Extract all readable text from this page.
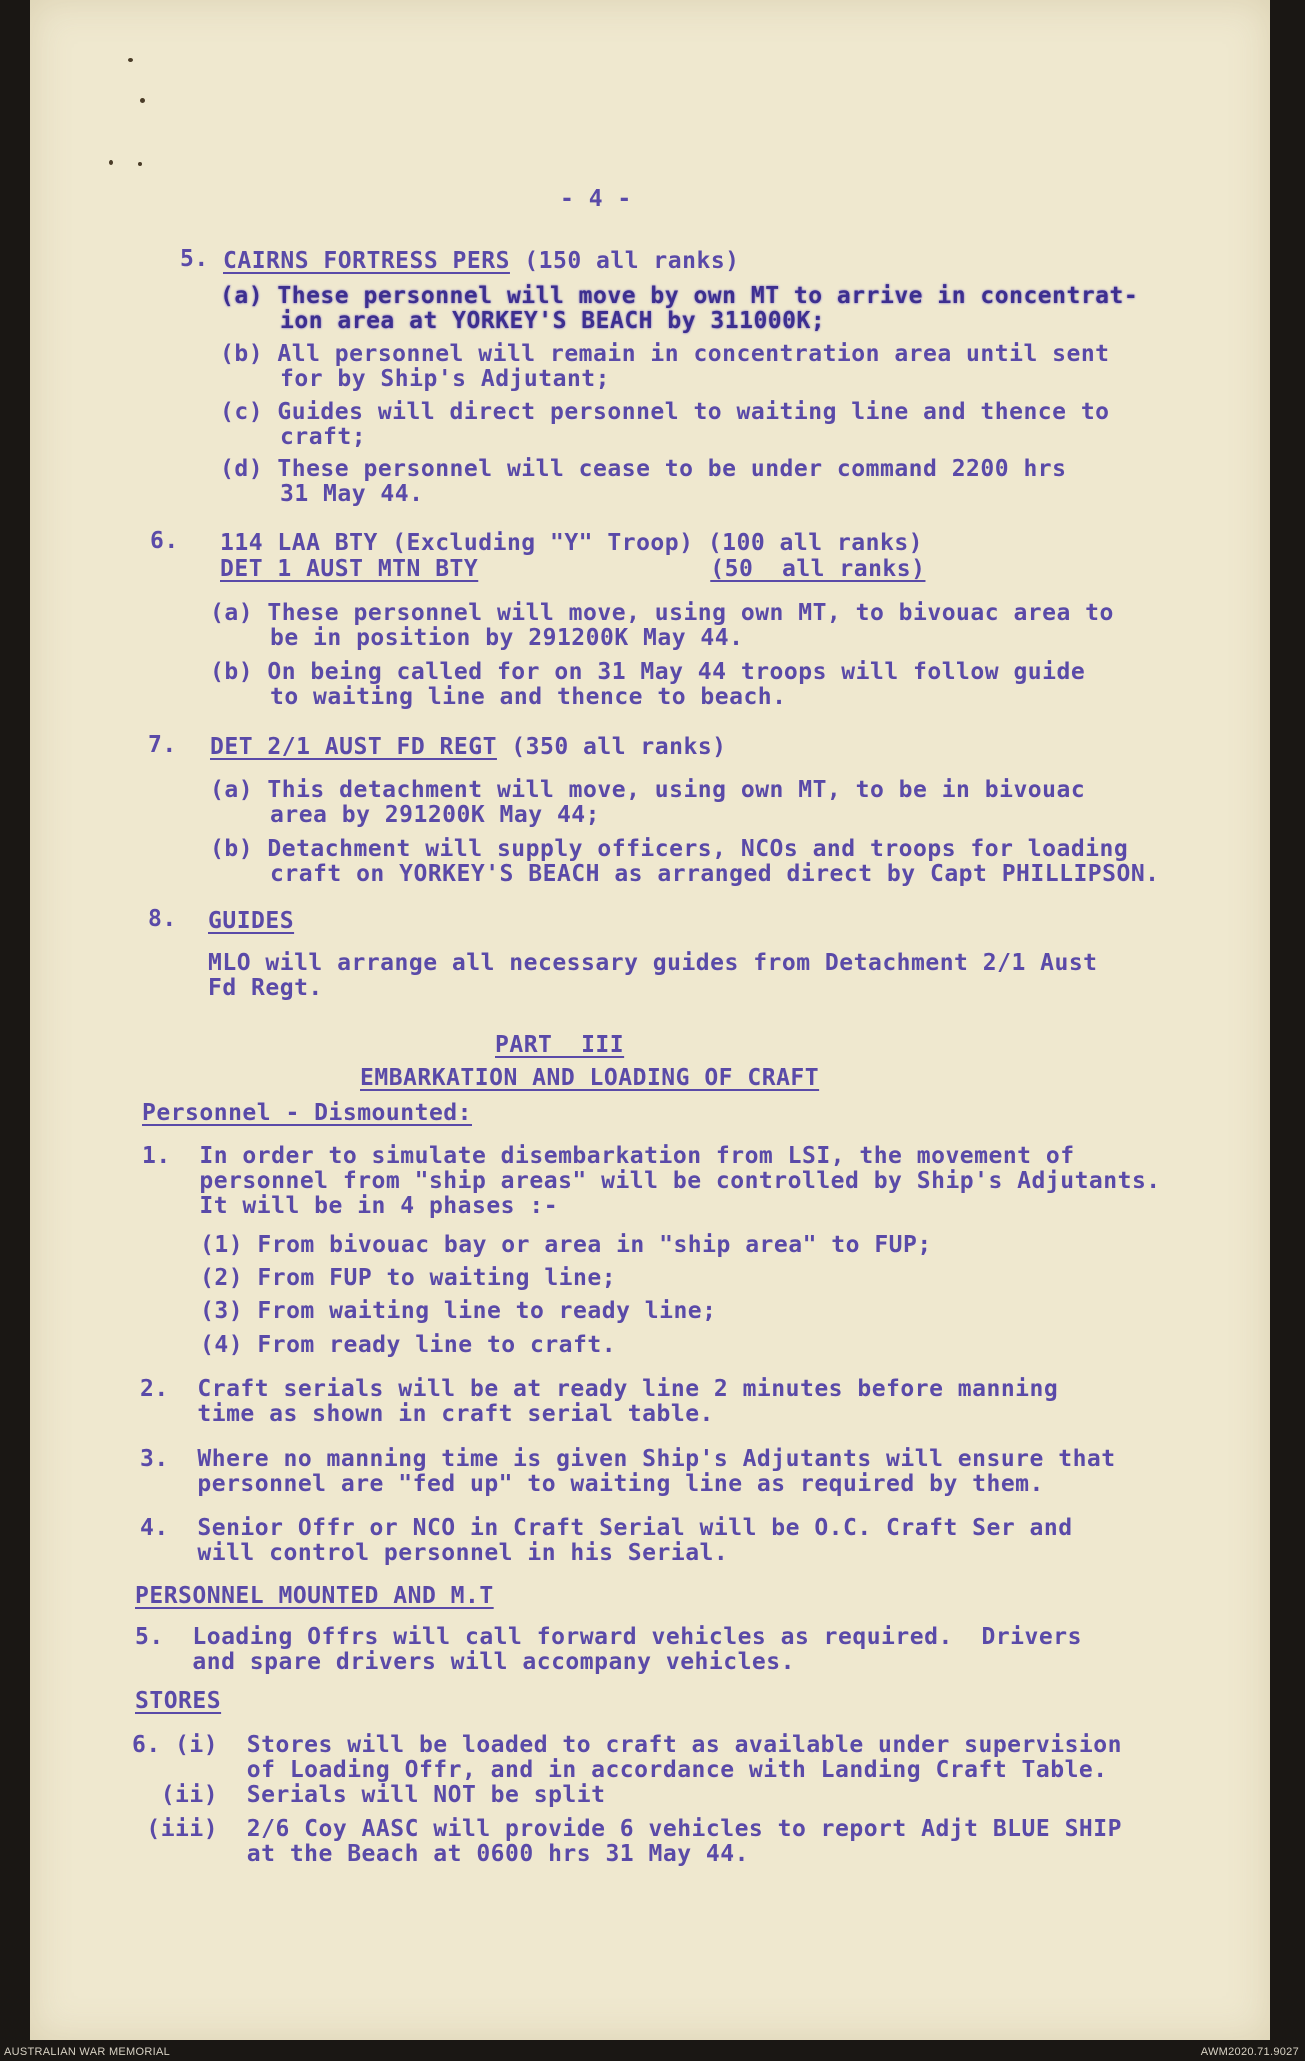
- 4 -
5. CAIRNS FORTRESS PERS (150 all ranks)
(a) These personnel will move by own MT to arrive in concentrat-
ion area at YORKEY'S BEACH by 311000K;
(b) All personnel will remain in concentration area until sent
for by Ship's Adjutant;
(c) Guides will direct personnel to waiting line and thence to
craft;
(d) These personnel will cease to be under command 2200 hrs
31 May 44.
6. 114 LAA BTY (Excluding "Y" Troop) (100 all ranks)
DET 1 AUST MTN BTY	(50  all ranks)
(a) These personnel will move, using own MT, to bivouac area to
be in position by 291200K May 44.
(b) On being called for on 31 May 44 troops will follow guide
to waiting line and thence to beach.
7. DET 2/1 AUST FD REGT (350 all ranks)
(a) This detachment will move, using own MT, to be in bivouac
area by 291200K May 44;
(b) Detachment will supply officers, NCOs and troops for loading
craft on YORKEY'S BEACH as arranged direct by Capt PHILLIPSON.
8. GUIDES
MLO will arrange all necessary guides from Detachment 2/1 Aust
Fd Regt.
PART  III
EMBARKATION AND LOADING OF CRAFT
Personnel - Dismounted:
1.  In order to simulate disembarkation from LSI, the movement of
personnel from "ship areas" will be controlled by Ship's Adjutants.
It will be in 4 phases :-
(1) From bivouac bay or area in "ship area" to FUP;
(2) From FUP to waiting line;
(3) From waiting line to ready line;
(4) From ready line to craft.
2.  Craft serials will be at ready line 2 minutes before manning
time as shown in craft serial table.
3.  Where no manning time is given Ship's Adjutants will ensure that
personnel are "fed up" to waiting line as required by them.
4.  Senior Offr or NCO in Craft Serial will be O.C. Craft Ser and
will control personnel in his Serial.
PERSONNEL MOUNTED AND M.T
5.  Loading Offrs will call forward vehicles as required.  Drivers
and spare drivers will accompany vehicles.
STORES
6. (i)  Stores will be loaded to craft as available under supervision
of Loading Offr, and in accordance with Landing Craft Table.
(ii)  Serials will NOT be split
(iii)  2/6 Coy AASC will provide 6 vehicles to report Adjt BLUE SHIP
at the Beach at 0600 hrs 31 May 44.
AUSTRALIAN WAR MEMORIAL	AWM2020.71.9027
